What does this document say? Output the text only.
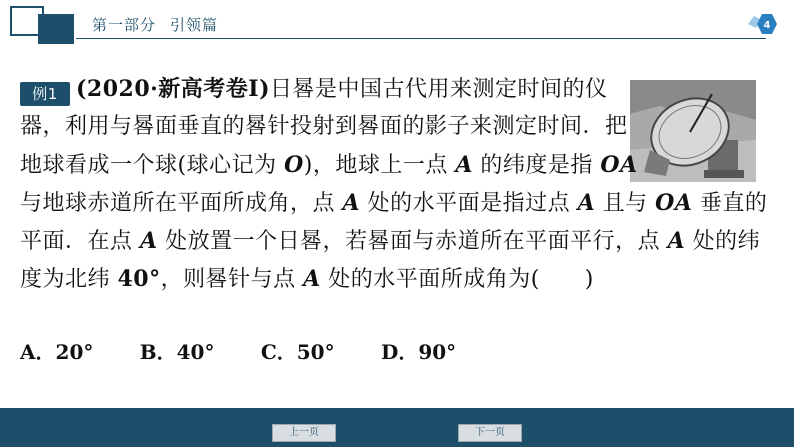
第一部分 引领篇	4
例1 (2020·新高考卷Ⅰ)日晷是中国古代用来测定时间的仪
器，利用与晷面垂直的晷针投射到晷面的影子来测定时间．把
地球看成一个球(球心记为 O)，地球上一点 A 的纬度是指 OA
与地球赤道所在平面所成角，点 A 处的水平面是指过点 A 且与 OA 垂直的
平面．在点 A 处放置一个日晷，若晷面与赤道所在平面平行，点 A 处的纬
度为北纬 40°，则晷针与点 A 处的水平面所成角为(　　)
A．20° B．40° C．50° D．90°
上一页	下一页
